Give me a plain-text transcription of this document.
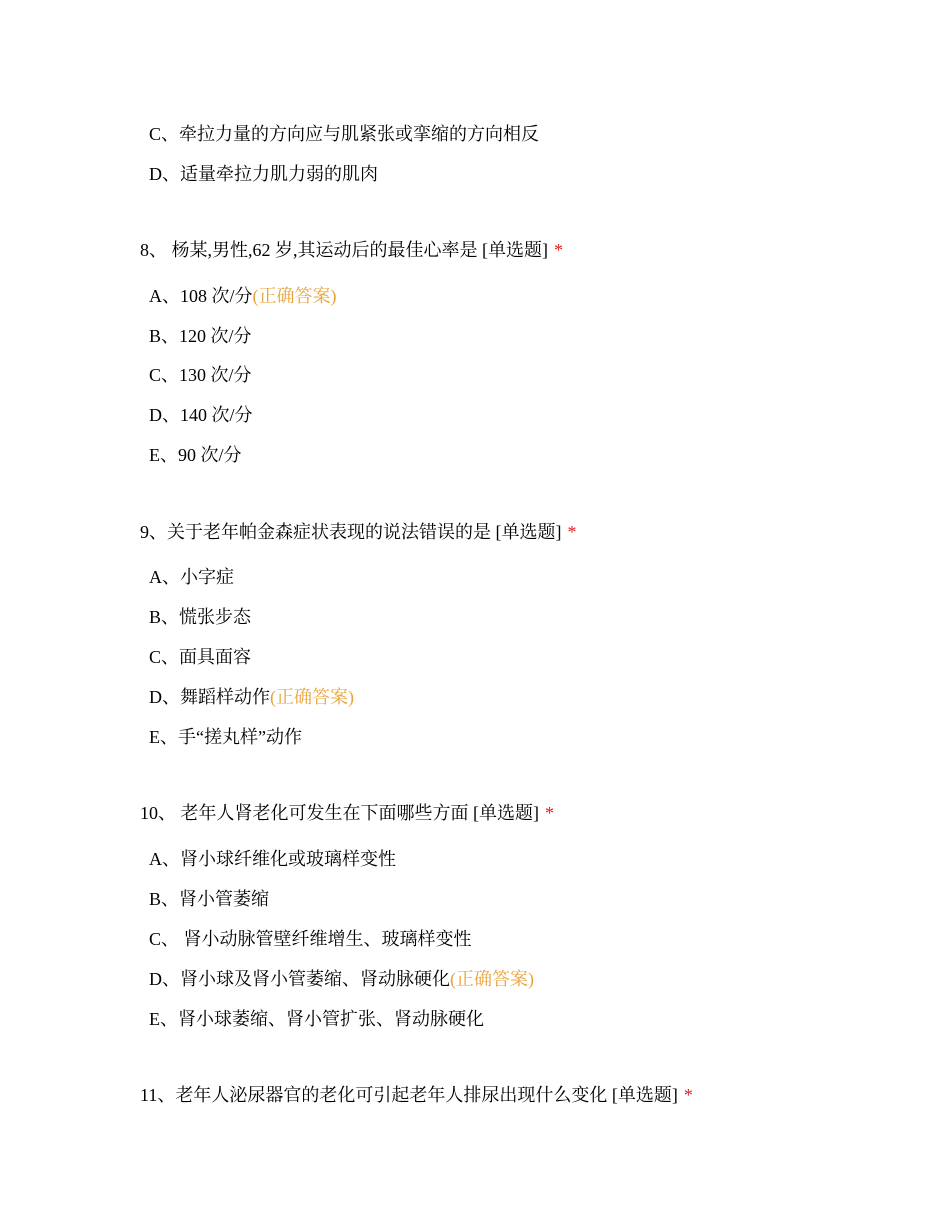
C、牵拉力量的方向应与肌紧张或挛缩的方向相反
D、适量牵拉力肌力弱的肌肉
8、 杨某,男性,62 岁,其运动后的最佳心率是 [单选题] *
A、108 次/分(正确答案)
B、120 次/分
C、130 次/分
D、140 次/分
E、90 次/分
9、关于老年帕金森症状表现的说法错误的是 [单选题] *
A、小字症
B、慌张步态
C、面具面容
D、舞蹈样动作(正确答案)
E、手“搓丸样”动作
10、 老年人肾老化可发生在下面哪些方面 [单选题] *
A、肾小球纤维化或玻璃样变性
B、肾小管萎缩
C、 肾小动脉管壁纤维增生、玻璃样变性
D、肾小球及肾小管萎缩、肾动脉硬化(正确答案)
E、肾小球萎缩、肾小管扩张、肾动脉硬化
11、老年人泌尿器官的老化可引起老年人排尿出现什么变化 [单选题] *
